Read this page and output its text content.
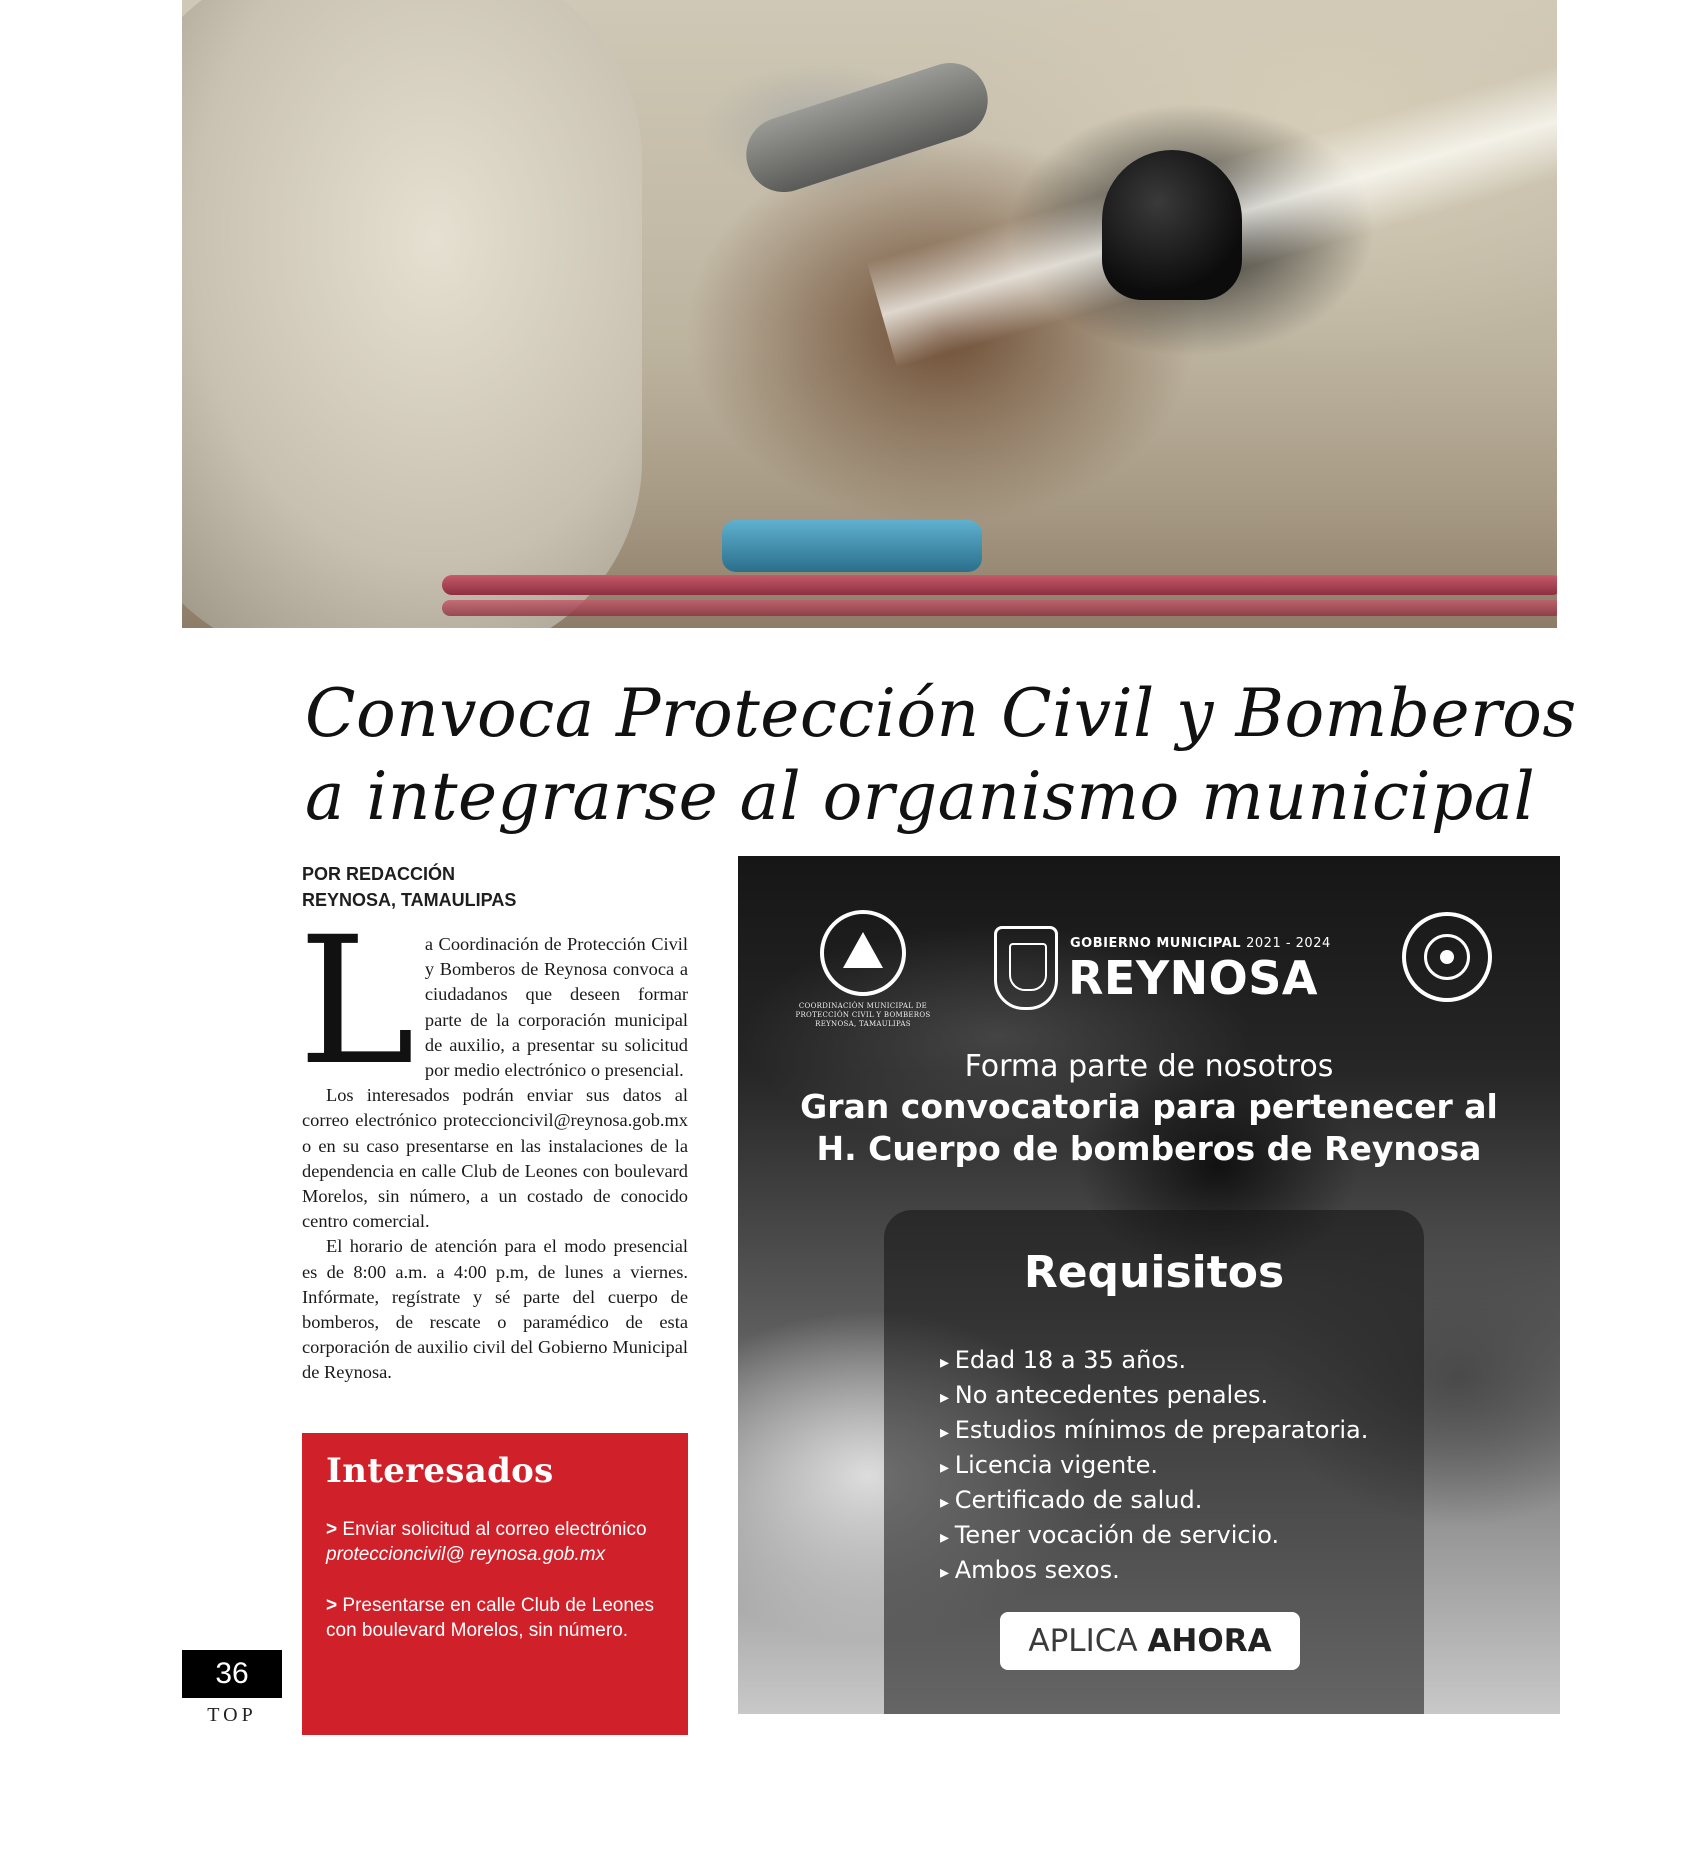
Convoca Protección Civil y Bomberos
a integrarse al organismo municipal
POR REDACCIÓN
REYNOSA, TAMAULIPAS

La Coordinación de Protección Civil y Bomberos de Reynosa convoca a ciudadanos que deseen formar parte de la corporación municipal de auxilio, a presentar su solicitud por medio electrónico o presencial.

Los interesados podrán enviar sus datos al correo electrónico proteccioncivil@reynosa.gob.mx o en su caso presentarse en las instalaciones de la dependencia en calle Club de Leones con boulevard Morelos, sin número, a un costado de conocido centro comercial.

El horario de atención para el modo presencial es de 8:00 a.m. a 4:00 p.m, de lunes a viernes. Infórmate, regístrate y sé parte del cuerpo de bomberos, de rescate o paramédico de esta corporación de auxilio civil del Gobierno Municipal de Reynosa.

Interesados
> Enviar solicitud al correo electrónico proteccioncivil@ reynosa.gob.mx
> Presentarse en calle Club de Leones con boulevard Morelos, sin número.
36
TOP
COORDINACIÓN MUNICIPAL DE PROTECCIÓN CIVIL Y BOMBEROS REYNOSA, TAMAULIPAS
GOBIERNO MUNICIPAL 2021 - 2024
REYNOSA
Forma parte de nosotros
Gran convocatoria para pertenecer al
H. Cuerpo de bomberos de Reynosa
Requisitos
▸ Edad 18 a 35 años.
▸ No antecedentes penales.
▸ Estudios mínimos de preparatoria.
▸ Licencia vigente.
▸ Certificado de salud.
▸ Tener vocación de servicio.
▸ Ambos sexos.
APLICA AHORA
